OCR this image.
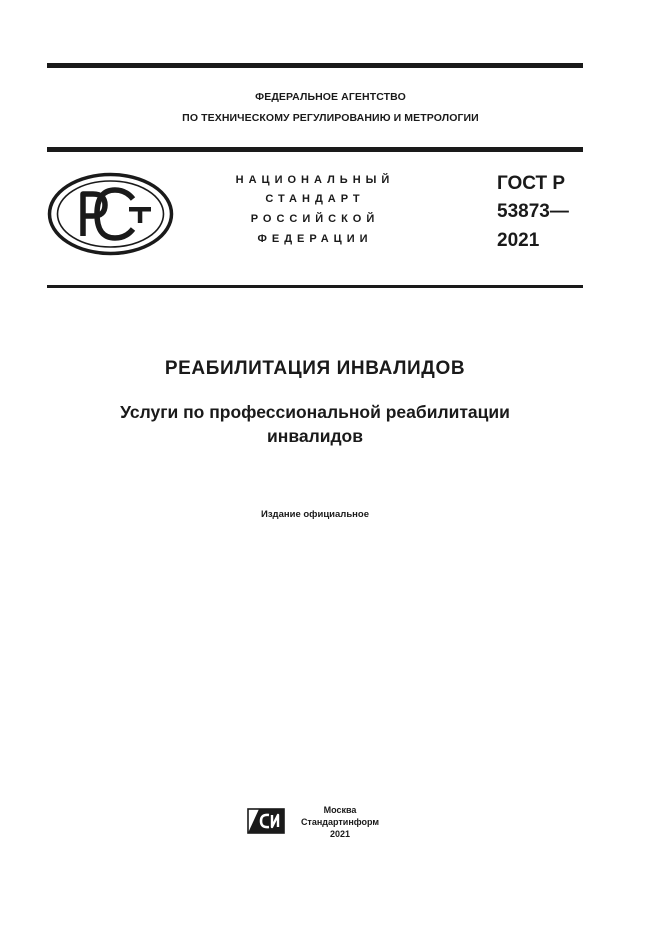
ФЕДЕРАЛЬНОЕ АГЕНТСТВО
ПО ТЕХНИЧЕСКОМУ РЕГУЛИРОВАНИЮ И МЕТРОЛОГИИ
НАЦИОНАЛЬНЫЙ
СТАНДАРТ
РОССИЙСКОЙ
ФЕДЕРАЦИИ
ГОСТ Р
53873—
2021
РЕАБИЛИТАЦИЯ ИНВАЛИДОВ
Услуги по профессиональной реабилитации
инвалидов
Издание официальное
Москва
Стандартинформ
2021
